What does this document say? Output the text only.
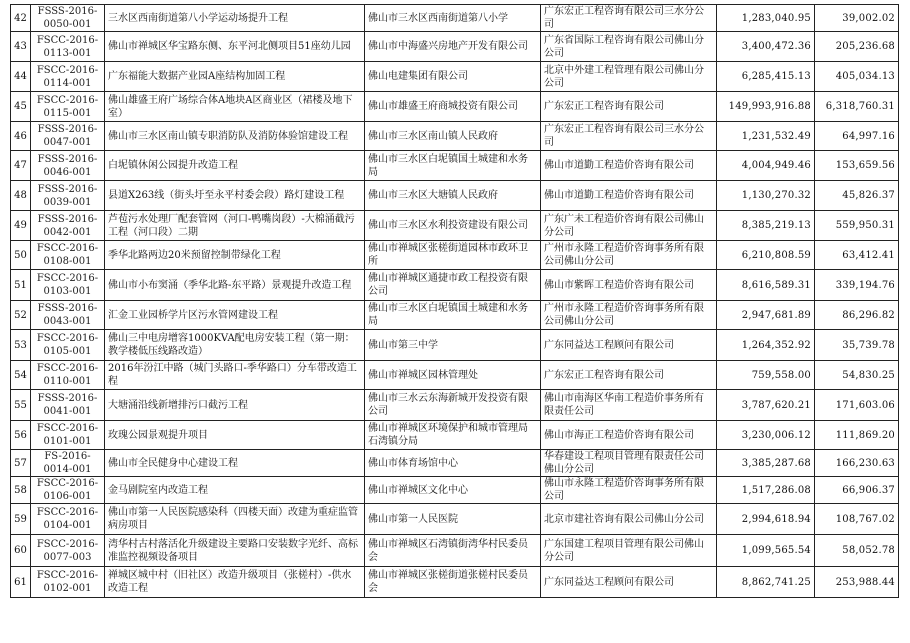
42	FSSS-2016-
0050-001	三水区西南街道第八小学运动场提升工程	佛山市三水区西南街道第八小学	广东宏正工程咨询有限公司三水分公司	1,283,040.95	39,002.02
43	FSCC-2016-
0113-001	佛山市禅城区华宝路东侧、东平河北侧项目51座幼儿园	佛山市中海盛兴房地产开发有限公司	广东省国际工程咨询有限公司佛山分公司	3,400,472.36	205,236.68
44	FSCC-2016-
0114-001	广东福能大数据产业园A座结构加固工程	佛山电建集团有限公司	北京中外建工程管理有限公司佛山分公司	6,285,415.13	405,034.13
45	FSCC-2016-
0115-001	佛山雄盛王府广场综合体A地块A区商业区（裙楼及地下室）	佛山市雄盛王府商城投资有限公司	广东宏正工程咨询有限公司	149,993,916.88	6,318,760.31
46	FSSS-2016-
0047-001	佛山市三水区南山镇专职消防队及消防体验馆建设工程	佛山市三水区南山镇人民政府	广东宏正工程咨询有限公司三水分公司	1,231,532.49	64,997.16
47	FSSS-2016-
0046-001	白坭镇休闲公园提升改造工程	佛山市三水区白坭镇国土城建和水务局	佛山市道勤工程造价咨询有限公司	4,004,949.46	153,659.56
48	FSSS-2016-
0039-001	县道X263线（街头圩至永平村委会段）路灯建设工程	佛山市三水区大塘镇人民政府	佛山市道勤工程造价咨询有限公司	1,130,270.32	45,826.37
49	FSSS-2016-
0042-001	芦苞污水处理厂配套管网（河口-鸭嘴岗段）-大棉涌截污工程（河口段）二期	佛山市三水区水利投资建设有限公司	广东广未工程造价咨询有限公司佛山分公司	8,385,219.13	559,950.31
50	FSCC-2016-
0108-001	季华北路两边20米预留控制带绿化工程	佛山市禅城区张槎街道园林市政环卫所	广州市永隆工程造价咨询事务所有限公司佛山分公司	6,210,808.59	63,412.41
51	FSCC-2016-
0103-001	佛山市小布窦涌（季华北路-东平路）景观提升改造工程	佛山市禅城区通捷市政工程投资有限公司	佛山市紫晖工程造价咨询有限公司	8,616,589.31	339,194.76
52	FSSS-2016-
0043-001	汇金工业园桥学片区污水管网建设工程	佛山市三水区白坭镇国土城建和水务局	广州市永隆工程造价咨询事务所有限公司佛山分公司	2,947,681.89	86,296.82
53	FSCC-2016-
0105-001	佛山三中电房增容1000KVA配电房安装工程（第一期：教学楼低压线路改造）	佛山市第三中学	广东同益达工程顾问有限公司	1,264,352.92	35,739.78
54	FSCC-2016-
0110-001	2016年汾江中路（城门头路口-季华路口）分车带改造工程	佛山市禅城区园林管理处	广东宏正工程咨询有限公司	759,558.00	54,830.25
55	FSSS-2016-
0041-001	大塘涌沿线新增排污口截污工程	佛山市三水云东海新城开发投资有限公司	佛山市南海区华南工程造价事务所有限责任公司	3,787,620.21	171,603.06
56	FSCC-2016-
0101-001	玫瑰公园景观提升项目	佛山市禅城区环境保护和城市管理局石湾镇分局	佛山市海正工程造价咨询有限公司	3,230,006.12	111,869.20
57	FS-2016-
0014-001	佛山市全民健身中心建设工程	佛山市体育场馆中心	华春建设工程项目管理有限责任公司佛山分公司	3,385,287.68	166,230.63
58	FSCC-2016-
0106-001	金马剧院室内改造工程	佛山市禅城区文化中心	佛山市永隆工程造价咨询事务所有限公司	1,517,286.08	66,906.37
59	FSCC-2016-
0104-001	佛山市第一人民医院感染科（四楼天面）改建为重症监管病房项目	佛山市第一人民医院	北京市建社咨询有限公司佛山分公司	2,994,618.94	108,767.02
60	FSCC-2016-
0077-003	湾华村古村落活化升级建设主要路口安装数字光纤、高标准监控视频设备项目	佛山市禅城区石湾镇街湾华村民委员会	广东国建工程项目管理有限公司佛山分公司	1,099,565.54	58,052.78
61	FSCC-2016-
0102-001	禅城区城中村（旧社区）改造升级项目（张槎村）-供水改造工程	佛山市禅城区张槎街道张槎村民委员会	广东同益达工程顾问有限公司	8,862,741.25	253,988.44
